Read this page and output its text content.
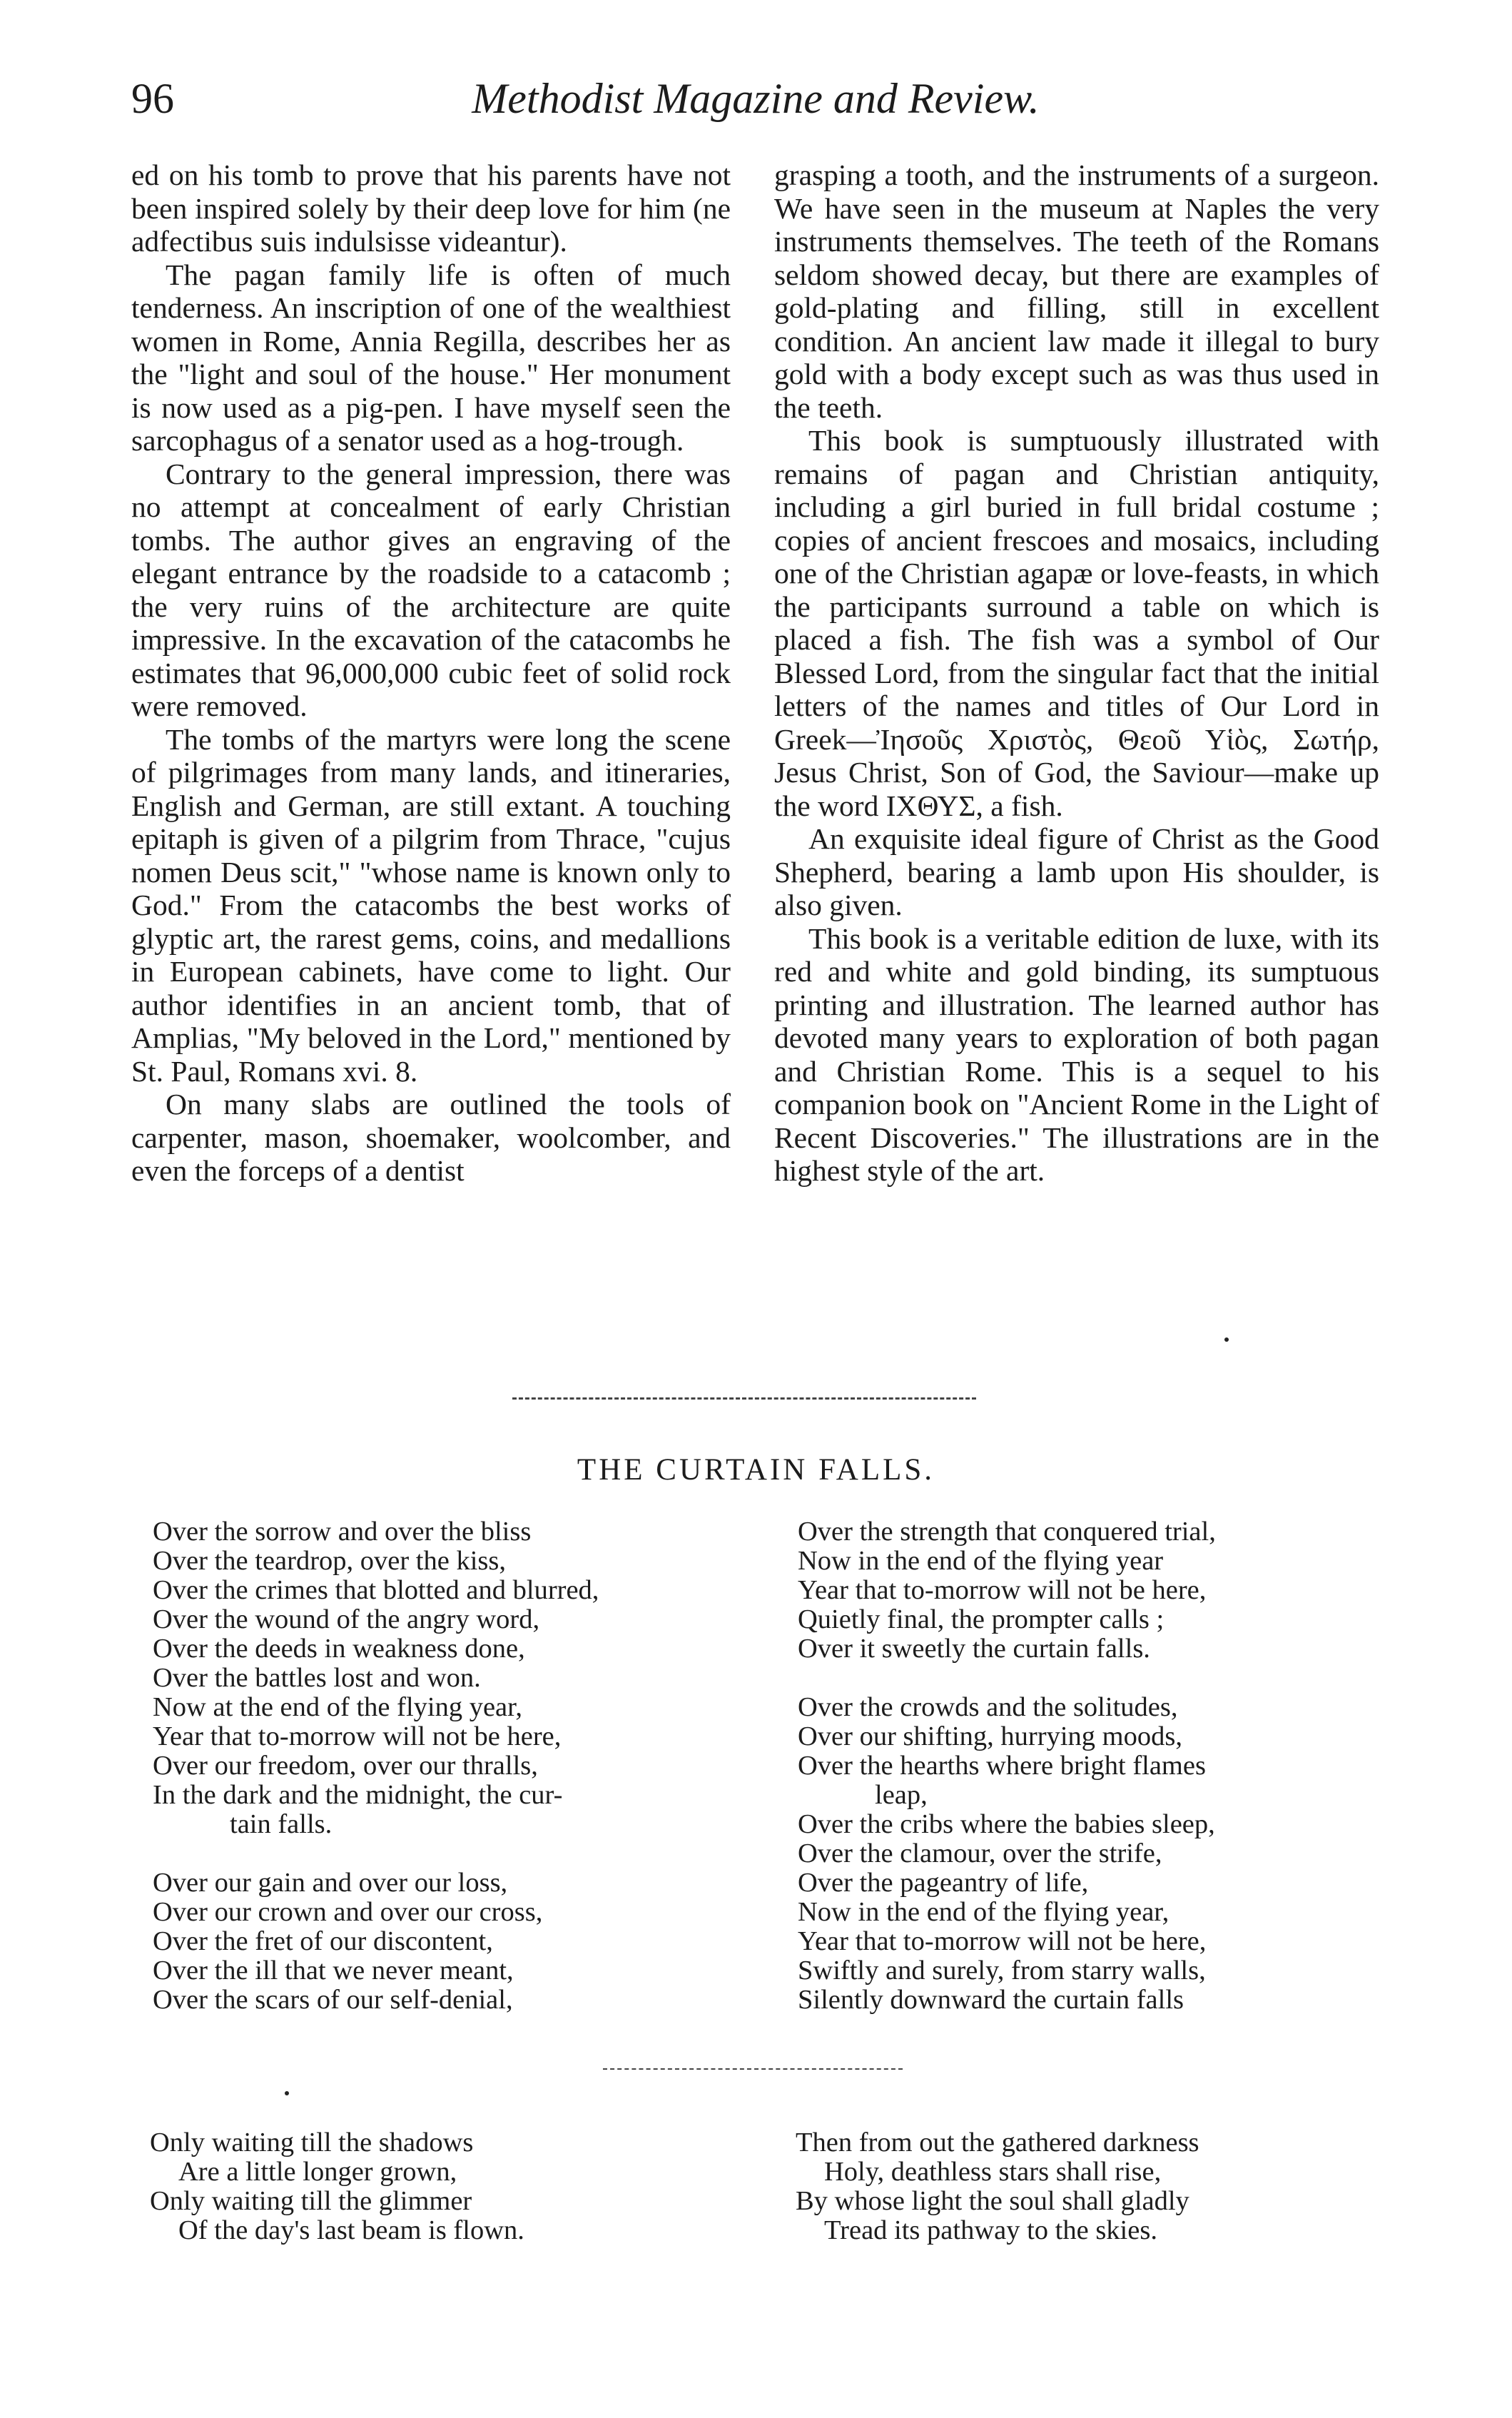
96	Methodist Magazine and Review.

ed on his tomb to prove that his parents have not been inspired solely by their deep love for him (ne adfectibus suis indulsisse videantur).

The pagan family life is often of much tenderness. An inscription of one of the wealthiest women in Rome, Annia Regilla, describes her as the "light and soul of the house." Her monument is now used as a pig-pen. I have myself seen the sarcophagus of a senator used as a hog-trough.

Contrary to the general impression, there was no attempt at concealment of early Christian tombs. The author gives an engraving of the elegant entrance by the roadside to a catacomb ; the very ruins of the architecture are quite impressive. In the excavation of the catacombs he estimates that 96,000,000 cubic feet of solid rock were removed.

The tombs of the martyrs were long the scene of pilgrimages from many lands, and itineraries, English and German, are still extant. A touching epitaph is given of a pilgrim from Thrace, "cujus nomen Deus scit," "whose name is known only to God." From the catacombs the best works of glyptic art, the rarest gems, coins, and medallions in European cabinets, have come to light. Our author identifies in an ancient tomb, that of Amplias, "My beloved in the Lord," mentioned by St. Paul, Romans xvi. 8.

On many slabs are outlined the tools of carpenter, mason, shoemaker, woolcomber, and even the forceps of a dentist

grasping a tooth, and the instruments of a surgeon. We have seen in the museum at Naples the very instruments themselves. The teeth of the Romans seldom showed decay, but there are examples of gold-plating and filling, still in excellent condition. An ancient law made it illegal to bury gold with a body except such as was thus used in the teeth.

This book is sumptuously illustrated with remains of pagan and Christian antiquity, including a girl buried in full bridal costume ; copies of ancient frescoes and mosaics, including one of the Christian agapæ or love-feasts, in which the participants surround a table on which is placed a fish. The fish was a symbol of Our Blessed Lord, from the singular fact that the initial letters of the names and titles of Our Lord in Greek—Ἰησοῦς Χριστὸς, Θεοῦ Υἱὸς, Σωτήρ, Jesus Christ, Son of God, the Saviour—make up the word ΙΧΘΥΣ, a fish.

An exquisite ideal figure of Christ as the Good Shepherd, bearing a lamb upon His shoulder, is also given.

This book is a veritable edition de luxe, with its red and white and gold binding, its sumptuous printing and illustration. The learned author has devoted many years to exploration of both pagan and Christian Rome. This is a sequel to his companion book on "Ancient Rome in the Light of Recent Discoveries." The illustrations are in the highest style of the art.

THE CURTAIN FALLS.
Over the sorrow and over the bliss
Over the teardrop, over the kiss,
Over the crimes that blotted and blurred,
Over the wound of the angry word,
Over the deeds in weakness done,
Over the battles lost and won.
Now at the end of the flying year,
Year that to-morrow will not be here,
Over our freedom, over our thralls,
In the dark and the midnight, the cur-
tain falls.
Over our gain and over our loss,
Over our crown and over our cross,
Over the fret of our discontent,
Over the ill that we never meant,
Over the scars of our self-denial,
Over the strength that conquered trial,
Now in the end of the flying year
Year that to-morrow will not be here,
Quietly final, the prompter calls ;
Over it sweetly the curtain falls.
Over the crowds and the solitudes,
Over our shifting, hurrying moods,
Over the hearths where bright flames
leap,
Over the cribs where the babies sleep,
Over the clamour, over the strife,
Over the pageantry of life,
Now in the end of the flying year,
Year that to-morrow will not be here,
Swiftly and surely, from starry walls,
Silently downward the curtain falls
Only waiting till the shadows
Are a little longer grown,
Only waiting till the glimmer
Of the day's last beam is flown.
Then from out the gathered darkness
Holy, deathless stars shall rise,
By whose light the soul shall gladly
Tread its pathway to the skies.
